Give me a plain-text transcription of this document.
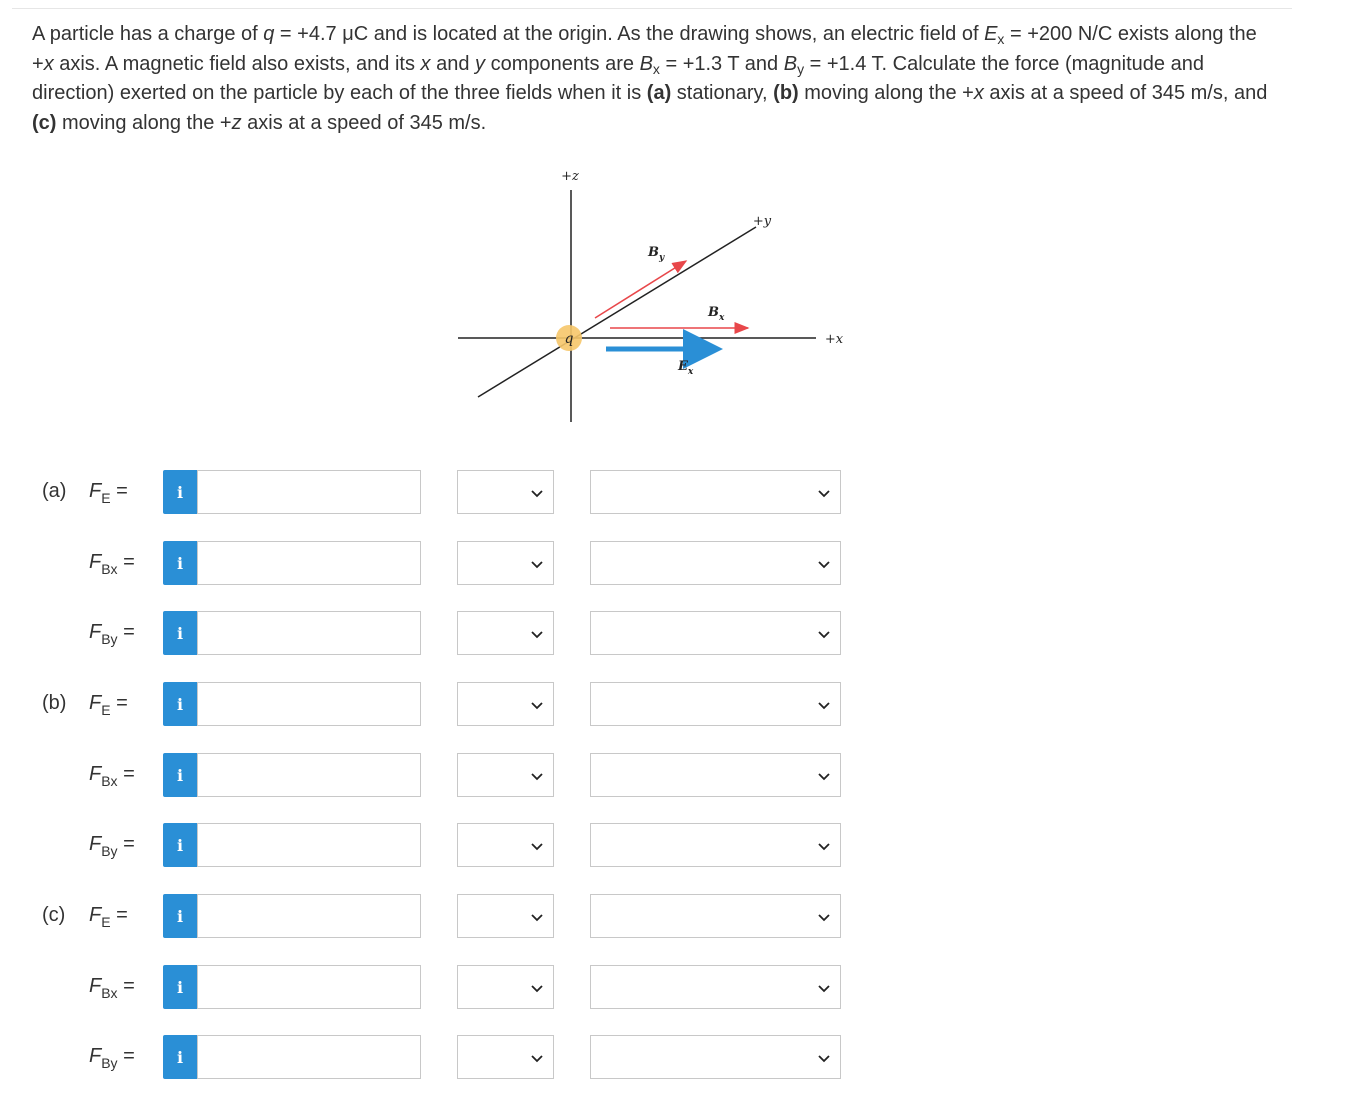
A particle has a charge of q = +4.7 μC and is located at the origin. As the drawing shows, an electric field of $E_x = +200$ N/C exists along the +x axis. A magnetic field also exists, and its x and y components are $B_x = +1.3$ T and $B_y = +1.4$ T. Calculate the force (magnitude and direction) exerted on the particle by each of the three fields when it is (a) stationary, (b) moving along the +x axis at a speed of 345 m/s, and (c) moving along the +z axis at a speed of 345 m/s.
q
+z
+y
+x
$B_y$
$B_x$
$E_x$
(a) $F_E$ =	i
$F_{Bx}$ =	i
$F_{By}$ =	i
(b) $F_E$ =	i
$F_{Bx}$ =	i
$F_{By}$ =	i
(c) $F_E$ =	i
$F_{Bx}$ =	i
$F_{By}$ =	i
